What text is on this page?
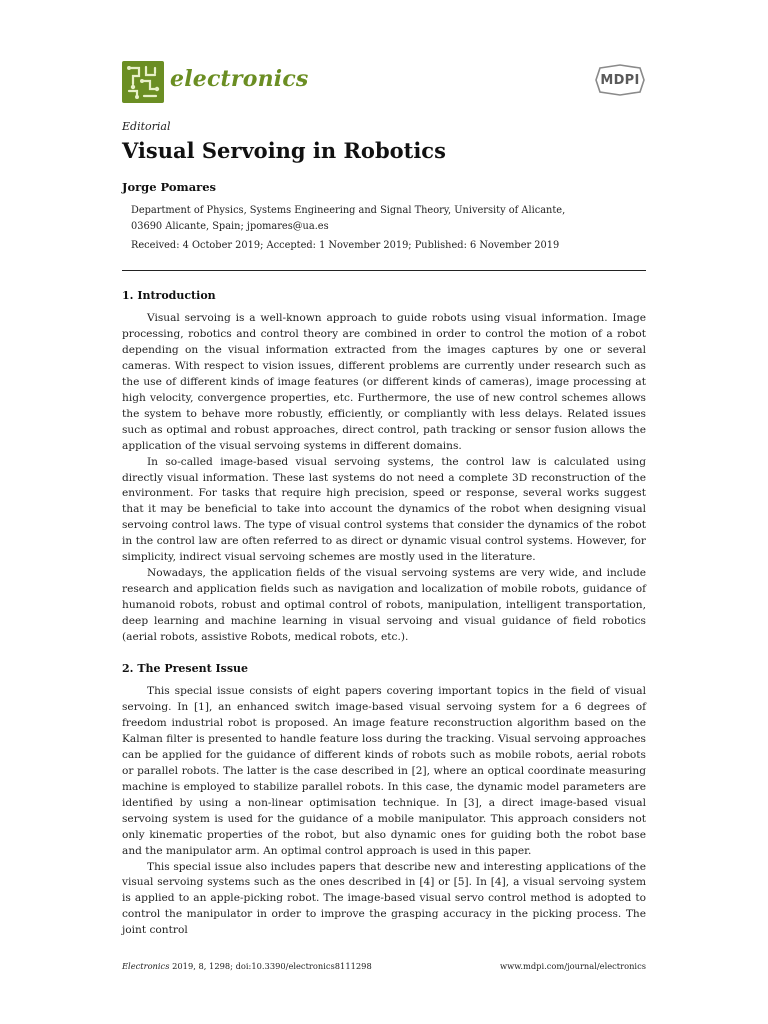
electronics	MDPI
Editorial
Visual Servoing in Robotics
Jorge Pomares
Department of Physics, Systems Engineering and Signal Theory, University of Alicante,
03690 Alicante, Spain; jpomares@ua.es
Received: 4 October 2019; Accepted: 1 November 2019; Published: 6 November 2019
1. Introduction

Visual servoing is a well-known approach to guide robots using visual information. Image processing, robotics and control theory are combined in order to control the motion of a robot depending on the visual information extracted from the images captures by one or several cameras. With respect to vision issues, different problems are currently under research such as the use of different kinds of image features (or different kinds of cameras), image processing at high velocity, convergence properties, etc. Furthermore, the use of new control schemes allows the system to behave more robustly, efficiently, or compliantly with less delays. Related issues such as optimal and robust approaches, direct control, path tracking or sensor fusion allows the application of the visual servoing systems in different domains.

In so-called image-based visual servoing systems, the control law is calculated using directly visual information. These last systems do not need a complete 3D reconstruction of the environment. For tasks that require high precision, speed or response, several works suggest that it may be beneficial to take into account the dynamics of the robot when designing visual servoing control laws. The type of visual control systems that consider the dynamics of the robot in the control law are often referred to as direct or dynamic visual control systems. However, for simplicity, indirect visual servoing schemes are mostly used in the literature.

Nowadays, the application fields of the visual servoing systems are very wide, and include research and application fields such as navigation and localization of mobile robots, guidance of humanoid robots, robust and optimal control of robots, manipulation, intelligent transportation, deep learning and machine learning in visual servoing and visual guidance of field robotics (aerial robots, assistive Robots, medical robots, etc.).

2. The Present Issue

This special issue consists of eight papers covering important topics in the field of visual servoing. In [1], an enhanced switch image-based visual servoing system for a 6 degrees of freedom industrial robot is proposed. An image feature reconstruction algorithm based on the Kalman filter is presented to handle feature loss during the tracking. Visual servoing approaches can be applied for the guidance of different kinds of robots such as mobile robots, aerial robots or parallel robots. The latter is the case described in [2], where an optical coordinate measuring machine is employed to stabilize parallel robots. In this case, the dynamic model parameters are identified by using a non-linear optimisation technique. In [3], a direct image-based visual servoing system is used for the guidance of a mobile manipulator. This approach considers not only kinematic properties of the robot, but also dynamic ones for guiding both the robot base and the manipulator arm. An optimal control approach is used in this paper.

This special issue also includes papers that describe new and interesting applications of the visual servoing systems such as the ones described in [4] or [5]. In [4], a visual servoing system is applied to an apple-picking robot. The image-based visual servo control method is adopted to control the manipulator in order to improve the grasping accuracy in the picking process. The joint control

Electronics 2019, 8, 1298; doi:10.3390/electronics8111298	www.mdpi.com/journal/electronics
